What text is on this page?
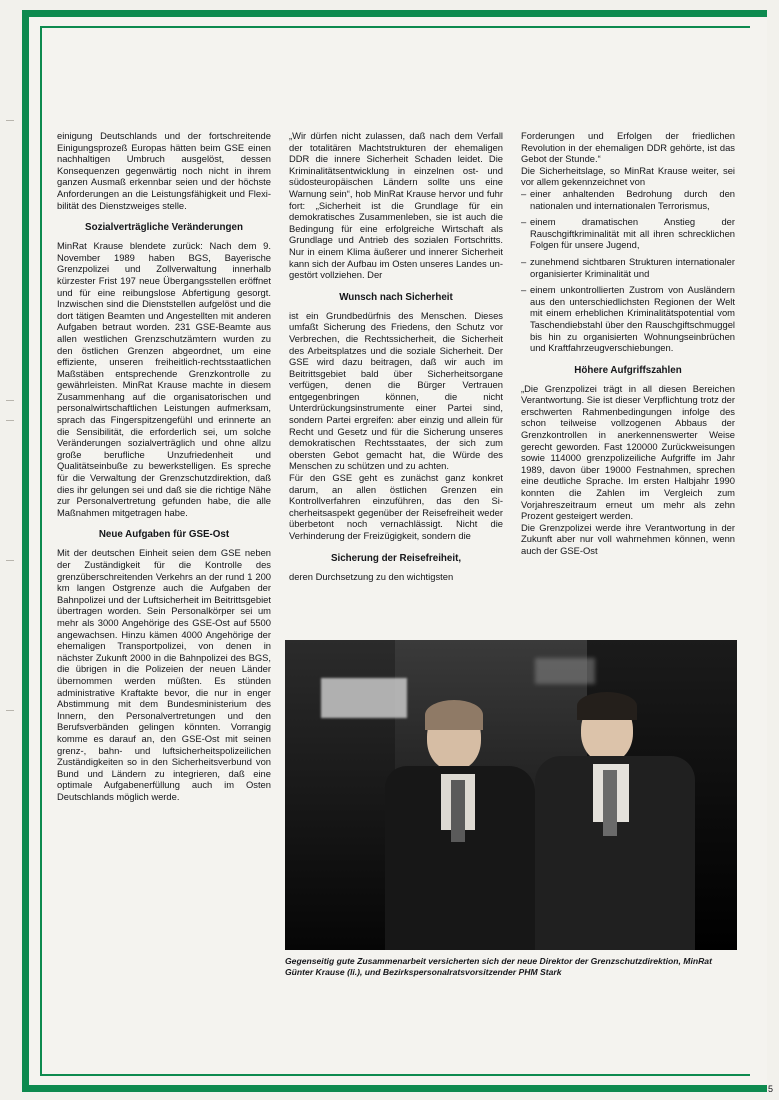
einigung Deutschlands und der fortschreitende Einigungsprozeß Europas hätten beim GSE einen nachhaltigen Umbruch ausgelöst, dessen Konsequenzen gegenwärtig noch nicht in ihrem ganzen Ausmaß erkennbar seien und der höchste Anforderungen an die Leistungsfähigkeit und Flexibilität des Dienstzweiges stelle.

Sozialverträgliche Veränderungen

MinRat Krause blendete zurück: Nach dem 9. November 1989 haben BGS, Bayerische Grenzpolizei und Zollverwaltung innerhalb kürzester Frist 197 neue Übergangsstellen eröffnet und für eine reibungslose Abfertigung gesorgt. Inzwischen sind die Dienststellen aufgelöst und die dort tätigen Beamten und Angestellten mit anderen Aufgaben betraut worden. 231 GSE-Beamte aus allen westlichen Grenzschutzämtern wurden zu den östlichen Grenzen abgeordnet, um eine effiziente, unseren freiheitlich-rechtsstaatlichen Maßstäben entsprechende Grenzkontrolle zu gewährleisten. MinRat Krause machte in diesem Zusammenhang auf die organisatorischen und personalwirtschaftlichen Leistungen aufmerksam, sprach das Fingerspitzengefühl und erinnerte an die Sensibilität, die erforderlich sei, um solche Veränderungen sozialverträglich und ohne allzu große berufliche Unzufriedenheit und Qualitätseinbuße zu bewerkstelligen. Es spreche für die Verwaltung der Grenzschutzdirektion, daß dies ihr gelungen sei und daß sie die richtige Nähe zur Personalvertretung gefunden habe, die alle Maßnahmen mitgetragen habe.

Neue Aufgaben für GSE-Ost

Mit der deutschen Einheit seien dem GSE neben der Zuständigkeit für die Kontrolle des grenzüberschreitenden Verkehrs an der rund 1 200 km langen Ostgrenze auch die Aufgaben der Bahnpolizei und der Luftsicherheit im Beitrittsgebiet übertragen worden. Sein Personalkörper sei um mehr als 3000 Angehörige des GSE-Ost auf 5500 angewachsen. Hinzu kämen 4000 Angehörige der ehemaligen Transportpolizei, von denen in nächster Zukunft 2000 in die Bahnpolizei des BGS, die übrigen in die Polizeien der neuen Länder übernommen werden müßten. Es stünden administrative Kraftakte bevor, die nur in enger Abstimmung mit dem Bundesministerium des Innern, den Personalvertretungen und den Berufsverbänden gelingen könnten. Vorrangig komme es darauf an, den GSE-Ost mit seinen grenz-, bahn- und luftsicherheitspolizeilichen Zuständigkeiten so in den Sicherheitsverbund von Bund und Ländern zu integrieren, daß eine optimale Aufgabenerfüllung auch im Osten Deutschlands möglich werde.

„Wir dürfen nicht zulassen, daß nach dem Verfall der totalitären Machtstrukturen der ehemaligen DDR die innere Sicherheit Schaden leidet. Die Kriminalitätsentwicklung in einzelnen ost- und südosteuropäischen Ländern sollte uns eine Warnung sein“, hob MinRat Krause hervor und fuhr fort: „Sicherheit ist die Grundlage für ein demokratisches Zusammenleben, sie ist auch die Bedingung für eine erfolgreiche Wirtschaft als Grundlage und Antrieb des sozialen Fortschritts. Nur in einem Klima äußerer und innerer Sicherheit kann sich der Aufbau im Osten unseres Landes ungestört vollziehen. Der

Wunsch nach Sicherheit

ist ein Grundbedürfnis des Menschen. Dieses umfaßt Sicherung des Friedens, den Schutz vor Verbrechen, die Rechtssicherheit, die Sicherheit des Arbeitsplatzes und die soziale Sicherheit. Der GSE wird dazu beitragen, daß wir auch im Beitrittsgebiet bald über Sicherheitsorgane verfügen, denen die Bürger Vertrauen entgegenbringen können, die nicht Unterdrückungsinstrumente einer Partei sind, sondern Partei ergreifen: aber einzig und allein für Recht und Gesetz und für die Sicherung unseres demokratischen Rechtsstaates, der sich zum obersten Gebot gemacht hat, die Würde des Menschen zu schützen und zu achten.

Für den GSE geht es zunächst ganz konkret darum, an allen östlichen Grenzen ein Kontrollverfahren einzuführen, das den Sicherheitsaspekt gegenüber der Reisefreiheit weder überbetont noch vernachlässigt. Nicht die Verhinderung der Freizügigkeit, sondern die

Sicherung der Reisefreiheit,

deren Durchsetzung zu den wichtigsten

Forderungen und Erfolgen der friedlichen Revolution in der ehemaligen DDR gehörte, ist das Gebot der Stunde.“

Die Sicherheitslage, so MinRat Krause weiter, sei vor allem gekennzeichnet von

– einer anhaltenden Bedrohung durch den nationalen und internationalen Terrorismus,
– einem dramatischen Anstieg der Rauschgiftkriminalität mit all ihren schrecklichen Folgen für unsere Jugend,
– zunehmend sichtbaren Strukturen internationaler organisierter Kriminalität und
– einem unkontrollierten Zustrom von Ausländern aus den unterschiedlichsten Regionen der Welt mit einem erheblichen Kriminalitätspotential vom Taschendiebstahl über den Rauschgiftschmuggel bis hin zu organisierten Wohnungseinbrüchen und Kraftfahrzeugverschiebungen.
Höhere Aufgriffszahlen

„Die Grenzpolizei trägt in all diesen Bereichen Verantwortung. Sie ist dieser Verpflichtung trotz der erschwerten Rahmenbedingungen infolge des schon teilweise vollzogenen Abbaus der Grenzkontrollen in anerkennenswerter Weise gerecht geworden. Fast 120000 Zurückweisungen sowie 114000 grenzpolizeiliche Aufgriffe im Jahr 1989, davon über 19000 Festnahmen, sprechen eine deutliche Sprache. Im ersten Halbjahr 1990 konnten die Zahlen im Vergleich zum Vorjahreszeitraum erneut um mehr als zehn Prozent gesteigert werden.

Die Grenzpolizei werde ihre Verantwortung in der Zukunft aber nur voll wahrnehmen können, wenn auch der GSE-Ost

Gegenseitig gute Zusammenarbeit versicherten sich der neue Direktor der Grenzschutzdirektion, MinRat Günter Krause (li.), und Bezirkspersonalratsvorsitzender PHM Stark
5
